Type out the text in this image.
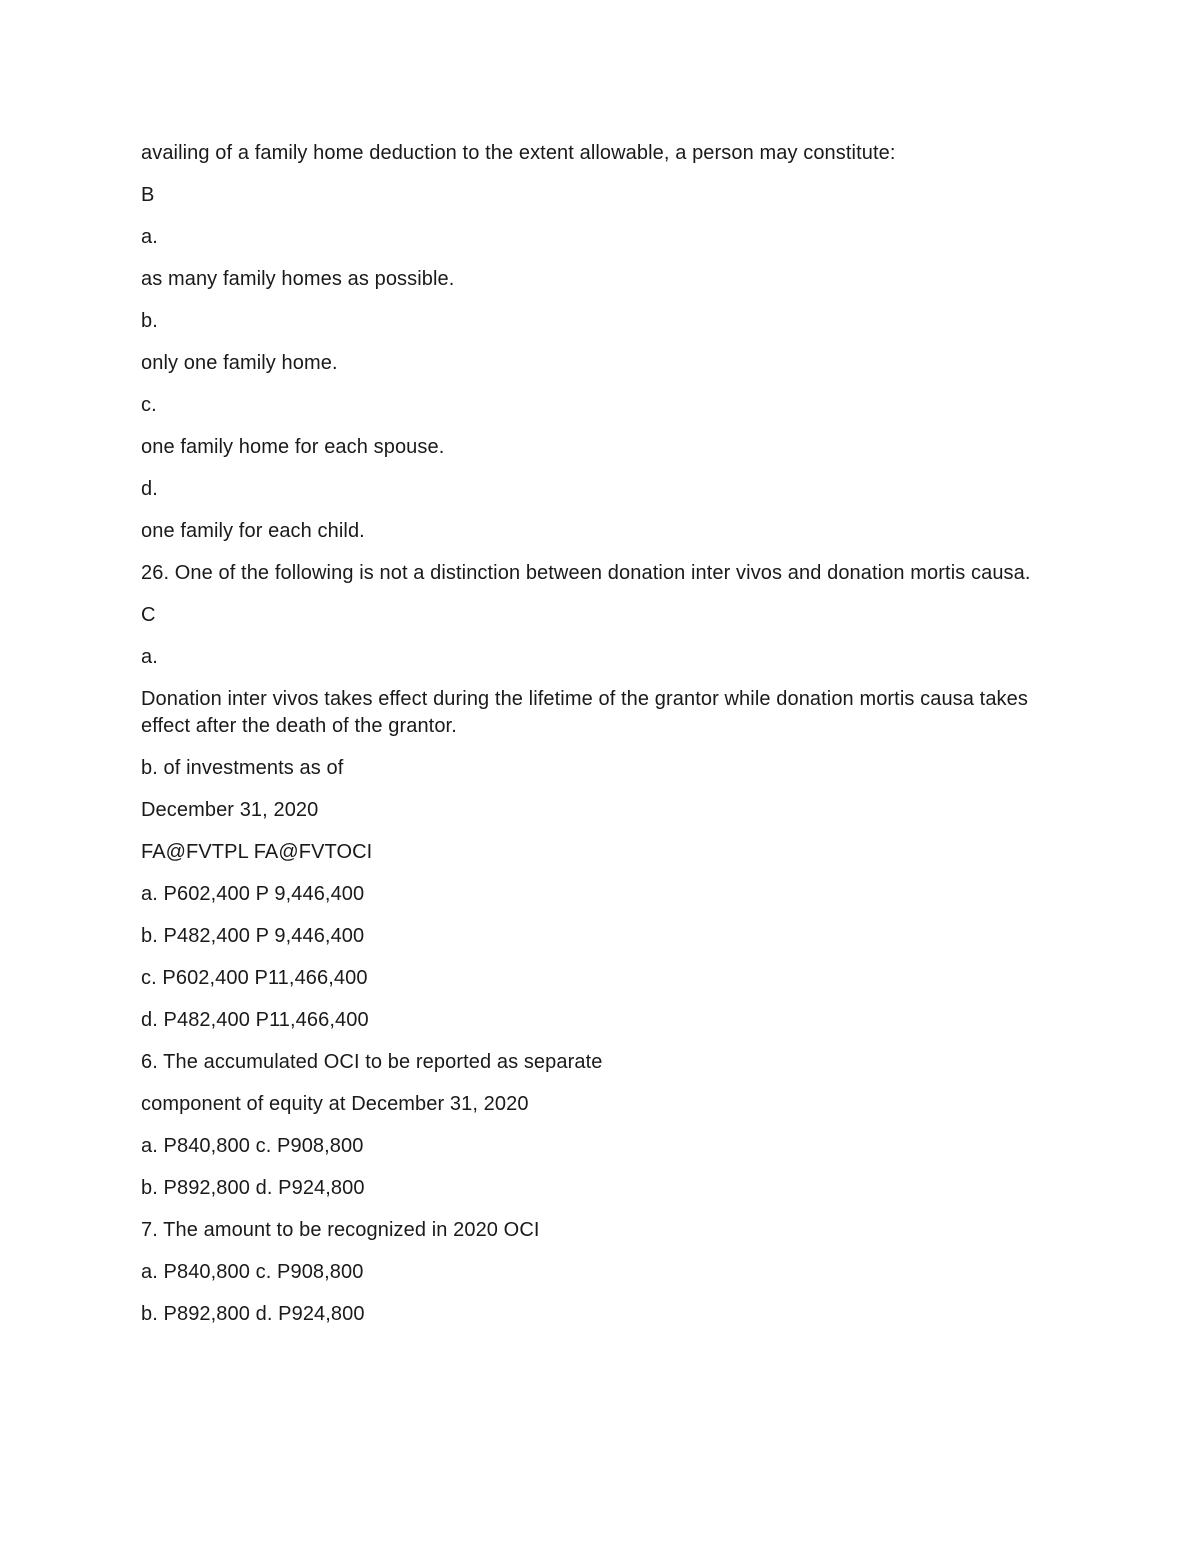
availing of a family home deduction to the extent allowable, a person may constitute:

B

a.

as many family homes as possible.

b.

only one family home.

c.

one family home for each spouse.

d.

one family for each child.

26. One of the following is not a distinction between donation inter vivos and donation mortis causa.

C

a.

Donation inter vivos takes effect during the lifetime of the grantor while donation mortis causa takes effect after the death of the grantor.

b. of investments as of

December 31, 2020

FA@FVTPL FA@FVTOCI

a. P602,400 P 9,446,400

b. P482,400 P 9,446,400

c. P602,400 P11,466,400

d. P482,400 P11,466,400

6. The accumulated OCI to be reported as separate

component of equity at December 31, 2020

a. P840,800 c. P908,800

b. P892,800 d. P924,800

7. The amount to be recognized in 2020 OCI

a. P840,800 c. P908,800

b. P892,800 d. P924,800
